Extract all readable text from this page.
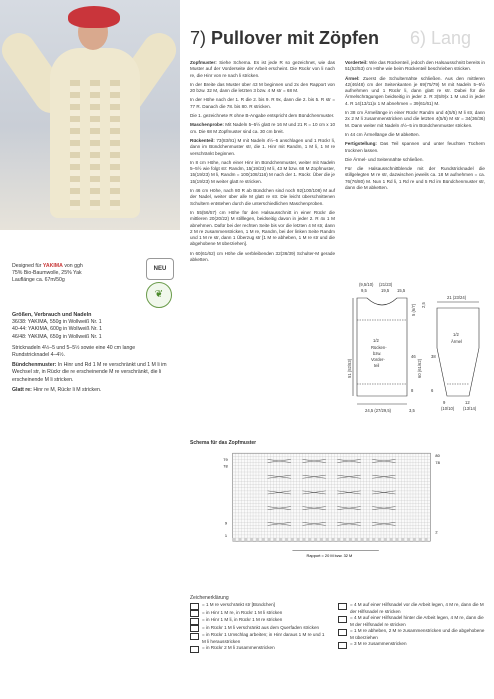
Designed für YAKIMA von ggh
75% Bio-Baumwolle, 25% Yak
Lauflänge ca. 67m/50g
NEU
❦
Größen, Verbrauch und Nadeln
36/38: YAKIMA, 550g in Wollweiß Nr. 1
40-44: YAKIMA, 600g in Wollweiß Nr. 1
46/48: YAKIMA, 650g in Wollweiß Nr. 1

Stricknadeln 4½–5 und 5–5½ sowie eine 40 cm lange Rundstricknadel 4–4½.

Bündchenmuster: In Hinr und Rd 1 M re verschränkt und 1 M li im Wechsel str, in Rückr die re erscheinende M re verschränkt, die li erscheinende M li stricken.

Glatt re: Hinr re M, Rückr li M stricken.

7) Pullover mit Zöpfen 6) Lang

Zopfmuster: Siehe Schema. Es ist jede R so gezeichnet, wie das Muster auf der Vorderseite der Arbeit erscheint. Die Rückr von li nach re, die Hinr von re nach li stricken.

In der Breite das Muster über 43 M beginnen und 2x den Rapport von 20 bzw. 32 M, dann die letzten 3 bzw. 4 M str = 68 M.

In der Höhe nach der 1. R die 2. bis 9. R 9x, dann die 2. bis 5. R str = 77 R. Danach die 78. bis 80. R stricken.

Die 1. gezeichnete R ohne B-Angabe entspricht dem Bündchenmuster.

Maschenprobe: Mit Nadeln 5–5½ glatt re 16 M und 21 R = 10 cm x 10 cm. Die 68 M Zopfmuster sind ca. 30 cm breit.

Rückenteil: 73(83/91) M mit Nadeln 4½–5 anschlagen und 1 Rückr li, dann im Bündchenmuster str, die 1. Hinr mit Randm, 1 M li, 1 M re verschränkt beginnen.

In 8 cm Höhe, nach einer Hinr im Bündchenmuster, weiter mit Nadeln 5–5½ wie folgt str: Randm, 15(19/23) M li, 43 M bzw. 68 M Zopfmuster, 15(19/23) M li, Randm = 100(108/116) M nach der 1. Rückr. Über die je 15(19/23) M weiter glatt re stricken.

In 46 cm Höhe, nach 80 R ab Bündchen sind noch 92(100/108) M auf der Nadel, weiter über alle M glatt re str. Die leicht überschnittenen Schultern entstehen durch die unterschiedlichen Maschenproben.

In 55(56/57) cm Höhe für den Halsausschnitt in einer Rückr die mittleren 20(20/22) M stilllegen, beidseitig davon in jeder 2. R 4x 1 M abnehmen. Dafür bei der rechten Seite bis vor die letzten 4 M str, dann 2 M re zusammenstricken, 1 M re, Randm, bei der linken Seite Randm und 1 M re str, dann 1 Überzug str [1 M re abheben, 1 M re str und die abgehobene M überziehen].

In 60(61/62) cm Höhe die verbleibenden 32(36/39) Schulter-M gerade abketten.

Vorderteil: Wie das Rückenteil, jedoch den Halsausschnitt bereits in 51(52/53) cm Höhe wie beim Rückenteil beschrieben stricken.

Ärmel: Zuerst die Schulternähte schließen. Aus den mittleren 42(46/48) cm der Seitenkanten je 69(75/79) M mit Nadeln 5–5½ aufnehmen und 1 Rückr li, dann glatt re str. Dabei für die Ärmelschrägungen beidseitig in jeder 2. R 3(5/9)x 1 M und in jeder 4. R 14(13/11)x 1 M abnehmen = 39(61/61) M.

In 38 cm Ärmellänge in einer Rückr Randm und 4(5/5) M li str, dann 2x 2 M li zusammenstricken und die letzten 4(5/5) M str = 34(36/36) M. Dann weiter mit Nadeln 4½–5 im Bündchenmuster stricken.

In 44 cm Ärmellänge die M abketten.

Fertigstellung: Das Teil spannen und unter feuchten Tüchern trocknen lassen.

Die Ärmel- und Seitennähte schließen.

Für die Halsausschnittblende mit der Rundstricknadel die stillgelegten M re str, dazwischen jeweils ca. 18 M aufnehmen = ca. 76(76/80) M. Nun 1 Rd li, 1 Rd re und 5 Rd im Bündchenmuster str, dann die M abketten.

(9,5/10)
9,5
(21/23)
19,5 15,5
51 (52/53)
5 (6/7)
60 (61/62)
2,5
1/2
Rücken-
bzw.
Vorder-
teil
46
8
24,5 (27/29,5)	3,5
21 (23/24)
1/2
Ärmel
38
6
9
(10/10)
12
(13/14)
Schema für das Zopfmuster
79
78
80
78
9
1
2
Rapport = 20 M bzw. 32 M
Zeichenerklärung
= 1 M re verschränkt str [Bündchen]
= in Hinr 1 M re, in Rückr 1 M li stricken
= in Hinr 1 M li, in Rückr 1 M re stricken
= in Rückr 1 M li verschränkt aus dem Querfaden stricken
= in Rückr 1 Umschlag arbeiten; in Hinr daraus 1 M re und 1 M li herausstricken
= in Rückr 2 M li zusammenstricken
= 4 M auf einer Hilfsnadel vor die Arbeit legen, 4 M re, dann die M der Hilfsnadel re stricken
= 4 M auf einer Hilfsnadel hinter die Arbeit legen, 4 M re, dann die M der Hilfsnadel re stricken
= 1 M re abheben, 2 M re zusammenstricken und die abgehobene M überziehen
= 3 M re zusammenstricken
